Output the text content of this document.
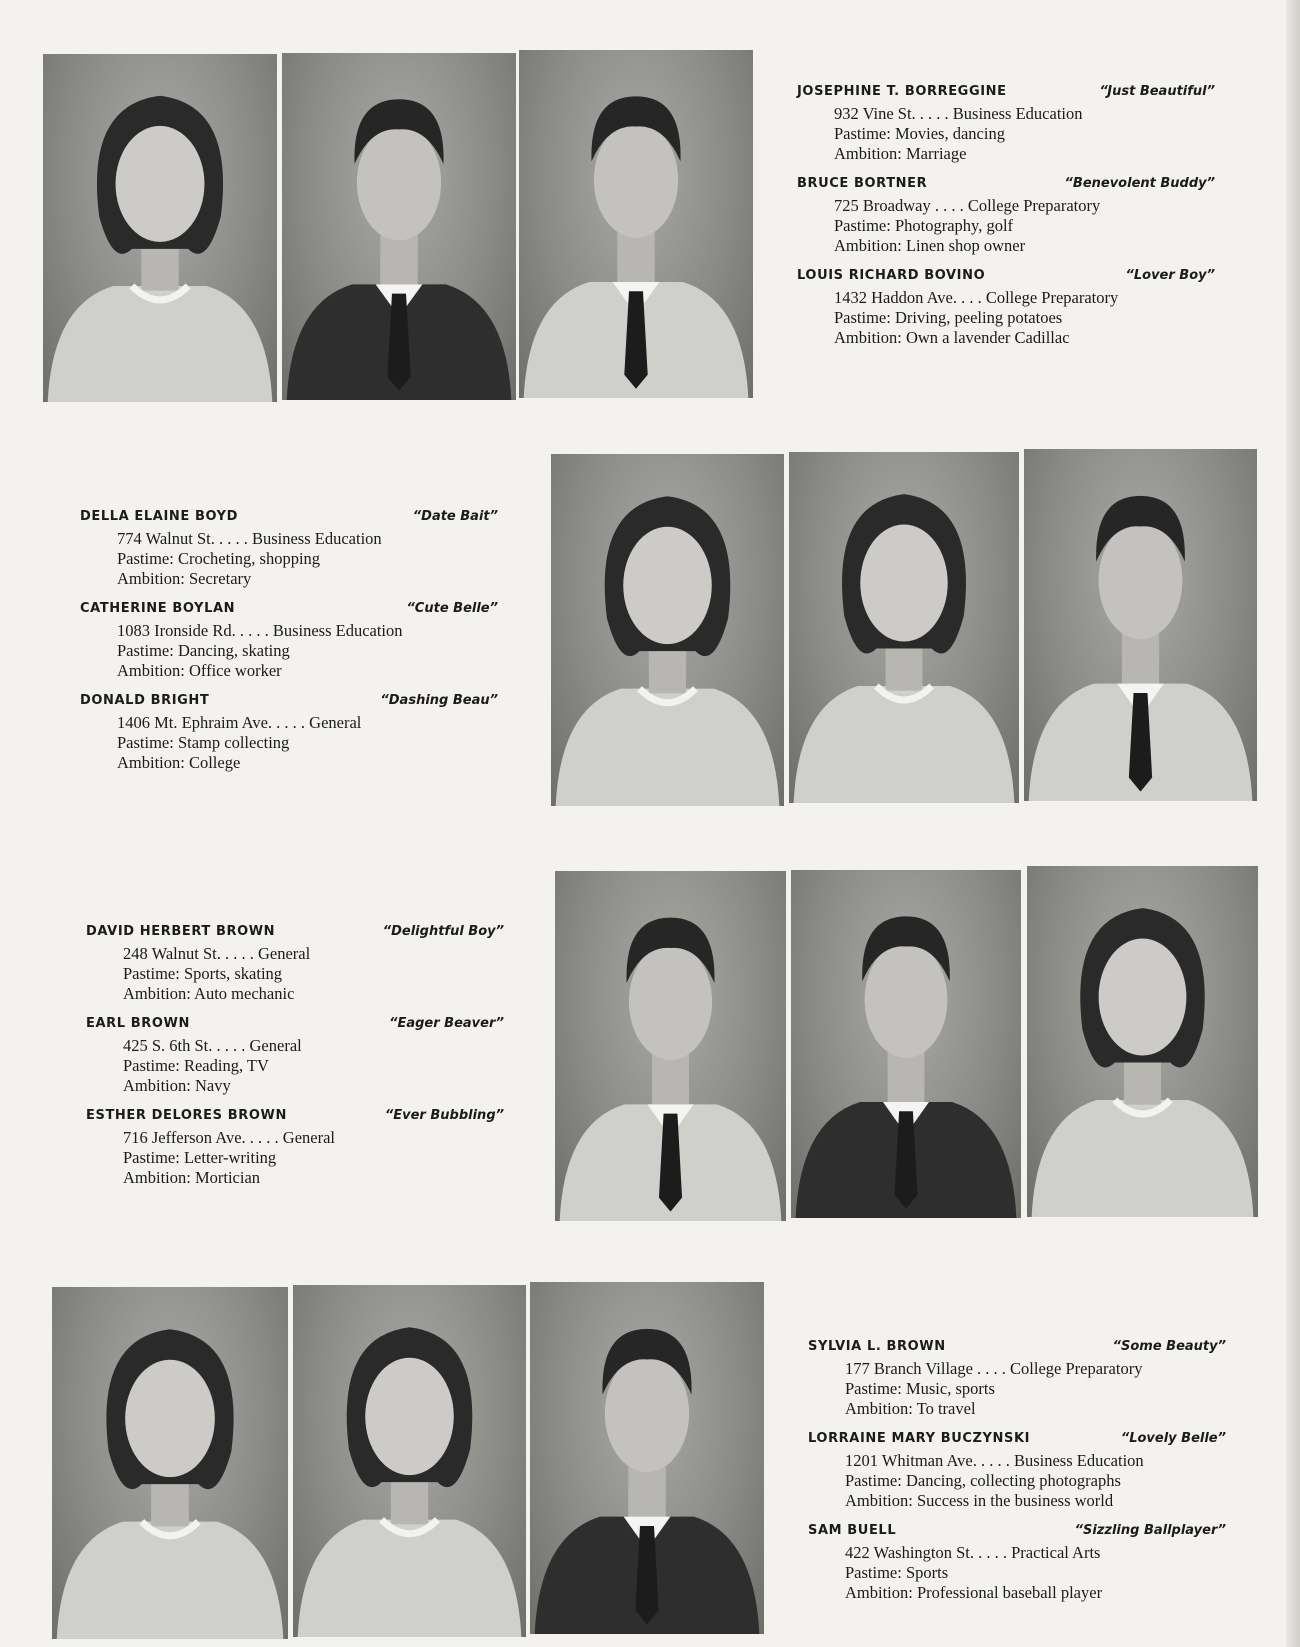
JOSEPHINE T. BORREGGINE	“Just Beautiful”
932 Vine St. . . . . Business Education
Pastime: Movies, dancing
Ambition: Marriage
BRUCE BORTNER	“Benevolent Buddy”
725 Broadway . . . . College Preparatory
Pastime: Photography, golf
Ambition: Linen shop owner
LOUIS RICHARD BOVINO	“Lover Boy”
1432 Haddon Ave. . . . College Preparatory
Pastime: Driving, peeling potatoes
Ambition: Own a lavender Cadillac
DELLA ELAINE BOYD	“Date Bait”
774 Walnut St. . . . . Business Education
Pastime: Crocheting, shopping
Ambition: Secretary
CATHERINE BOYLAN	“Cute Belle”
1083 Ironside Rd. . . . . Business Education
Pastime: Dancing, skating
Ambition: Office worker
DONALD BRIGHT	“Dashing Beau”
1406 Mt. Ephraim Ave. . . . . General
Pastime: Stamp collecting
Ambition: College
DAVID HERBERT BROWN	“Delightful Boy”
248 Walnut St. . . . . General
Pastime: Sports, skating
Ambition: Auto mechanic
EARL BROWN	“Eager Beaver”
425 S. 6th St. . . . . General
Pastime: Reading, TV
Ambition: Navy
ESTHER DELORES BROWN	“Ever Bubbling”
716 Jefferson Ave. . . . . General
Pastime: Letter-writing
Ambition: Mortician
SYLVIA L. BROWN	“Some Beauty”
177 Branch Village . . . . College Preparatory
Pastime: Music, sports
Ambition: To travel
LORRAINE MARY BUCZYNSKI	“Lovely Belle”
1201 Whitman Ave. . . . . Business Education
Pastime: Dancing, collecting photographs
Ambition: Success in the business world
SAM BUELL	“Sizzling Ballplayer”
422 Washington St. . . . . Practical Arts
Pastime: Sports
Ambition: Professional baseball player
